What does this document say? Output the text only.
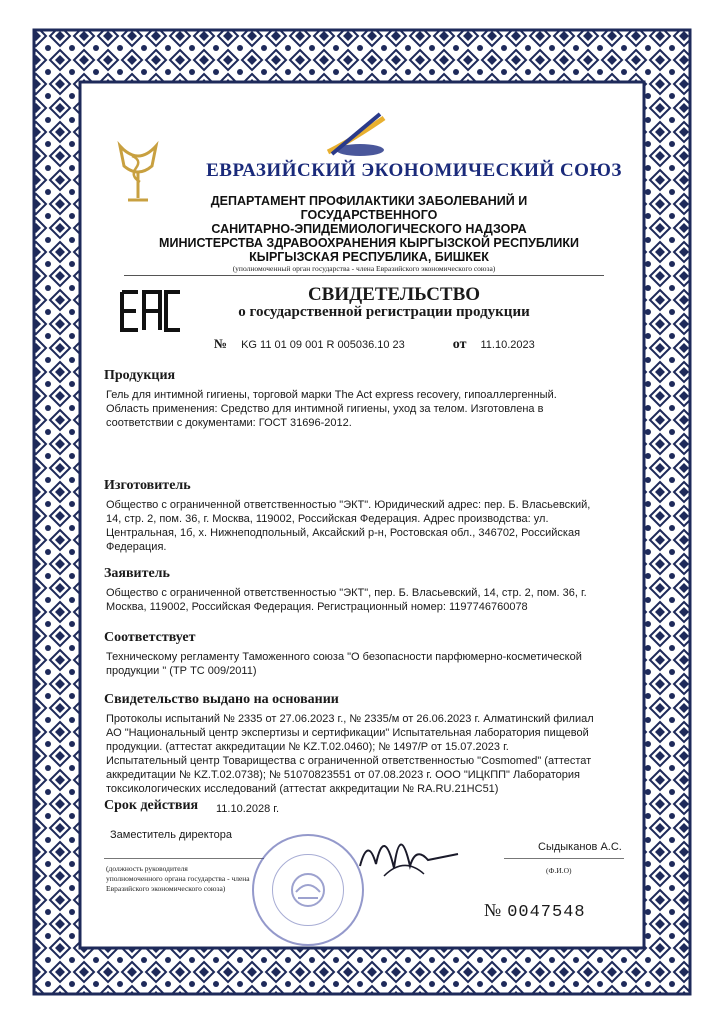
ЕВРАЗИЙСКИЙ ЭКОНОМИЧЕСКИЙ СОЮЗ
ДЕПАРТАМЕНТ ПРОФИЛАКТИКИ ЗАБОЛЕВАНИЙ И ГОСУДАРСТВЕННОГО
САНИТАРНО-ЭПИДЕМИОЛОГИЧЕСКОГО НАДЗОРА
МИНИСТЕРСТВА ЗДРАВООХРАНЕНИЯ КЫРГЫЗСКОЙ РЕСПУБЛИКИ
КЫРГЫЗСКАЯ РЕСПУБЛИКА, БИШКЕК
(уполномоченный орган государства - члена Евразийского экономического союза)
СВИДЕТЕЛЬСТВО
о государственной регистрации продукции
№ KG 11 01 09 001 R 005036.10 23	от 11.10.2023
Продукция
Гель для интимной гигиены, торговой марки The Act express recovery, гипоаллергенный.
Область применения: Средство для интимной гигиены, уход за телом. Изготовлена в
соответствии с документами: ГОСТ 31696-2012.
Изготовитель
Общество с ограниченной ответственностью "ЭКТ". Юридический адрес: пер. Б. Власьевский,
14, стр. 2, пом. 36, г. Москва, 119002, Российская Федерация. Адрес производства: ул.
Центральная, 1б, х. Нижнеподпольный, Аксайский р-н, Ростовская обл., 346702, Российская
Федерация.
Заявитель
Общество с ограниченной ответственностью "ЭКТ", пер. Б. Власьевский, 14, стр. 2, пом. 36, г.
Москва, 119002, Российская Федерация. Регистрационный номер: 1197746760078
Соответствует
Техническому регламенту Таможенного союза "О безопасности парфюмерно-косметической
продукции " (ТР ТС 009/2011)
Свидетельство выдано на основании
Протоколы испытаний № 2335 от 27.06.2023 г., № 2335/м от 26.06.2023 г. Алматинский филиал
АО "Национальный центр экспертизы и сертификации" Испытательная лаборатория пищевой
продукции. (аттестат аккредитации № KZ.T.02.0460); № 1497/P от 15.07.2023 г.
Испытательный центр Товарищества с ограниченной ответственностью "Cosmomed" (аттестат
аккредитации № KZ.T.02.0738); № 51070823551 от 07.08.2023 г. ООО "ИЦКПП" Лаборатория
токсикологических исследований (аттестат аккредитации № RA.RU.21HC51)
Срок действия 11.10.2028 г.
Заместитель директора
Сыдыканов А.С.
(должность руководителя
уполномоченного органа государства - члена
Евразийского экономического союза)
(Ф.И.О)
№ 0047548
